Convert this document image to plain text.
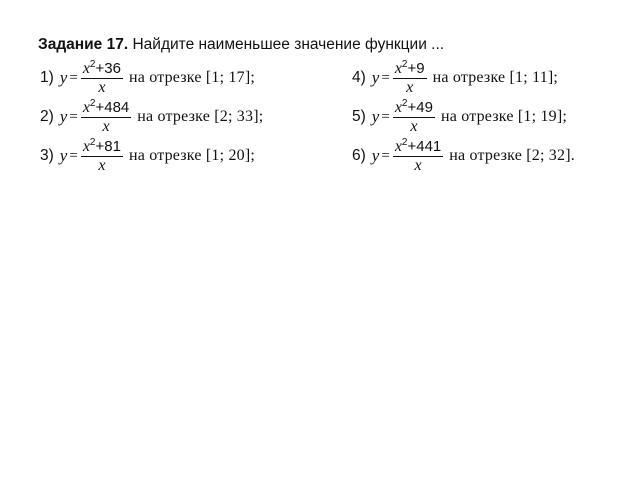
Задание 17. Найдите наименьшее значение функции ...
1) $y = \frac{x^2+36}{x}$ на отрезке [1; 17];
2) $y = \frac{x^2+484}{x}$ на отрезке [2; 33];
3) $y = \frac{x^2+81}{x}$ на отрезке [1; 20];
4) $y = \frac{x^2+9}{x}$ на отрезке [1; 11];
5) $y = \frac{x^2+49}{x}$ на отрезке [1; 19];
6) $y = \frac{x^2+441}{x}$ на отрезке [2; 32].
